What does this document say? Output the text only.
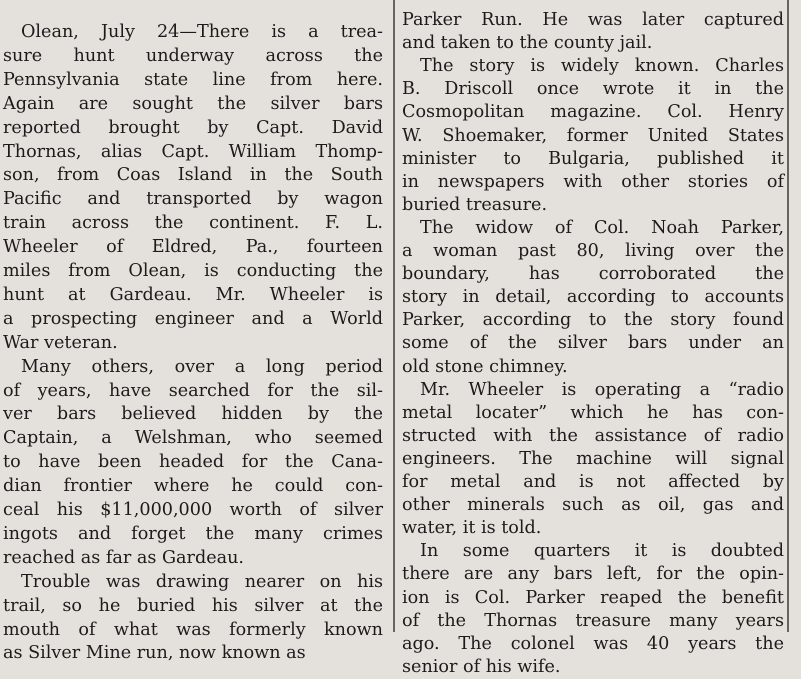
Olean, July 24—There is a trea-
sure hunt underway across the
Pennsylvania state line from here.
Again are sought the silver bars
reported brought by Capt. David
Thornas, alias Capt. William Thomp-
son, from Coas Island in the South
Pacific and transported by wagon
train across the continent. F. L.
Wheeler of Eldred, Pa., fourteen
miles from Olean, is conducting the
hunt at Gardeau. Mr. Wheeler is
a prospecting engineer and a World
War veteran.
Many others, over a long period
of years, have searched for the sil-
ver bars believed hidden by the
Captain, a Welshman, who seemed
to have been headed for the Cana-
dian frontier where he could con-
ceal his $11,000,000 worth of silver
ingots and forget the many crimes
reached as far as Gardeau.
Trouble was drawing nearer on his
trail, so he buried his silver at the
mouth of what was formerly known
as Silver Mine run, now known as
Parker Run. He was later captured
and taken to the county jail.
The story is widely known. Charles
B. Driscoll once wrote it in the
Cosmopolitan magazine. Col. Henry
W. Shoemaker, former United States
minister to Bulgaria, published it
in newspapers with other stories of
buried treasure.
The widow of Col. Noah Parker,
a woman past 80, living over the
boundary, has corroborated the
story in detail, according to accounts
Parker, according to the story found
some of the silver bars under an
old stone chimney.
Mr. Wheeler is operating a “radio
metal locater” which he has con-
structed with the assistance of radio
engineers. The machine will signal
for metal and is not affected by
other minerals such as oil, gas and
water, it is told.
In some quarters it is doubted
there are any bars left, for the opin-
ion is Col. Parker reaped the benefit
of the Thornas treasure many years
ago. The colonel was 40 years the
senior of his wife.
